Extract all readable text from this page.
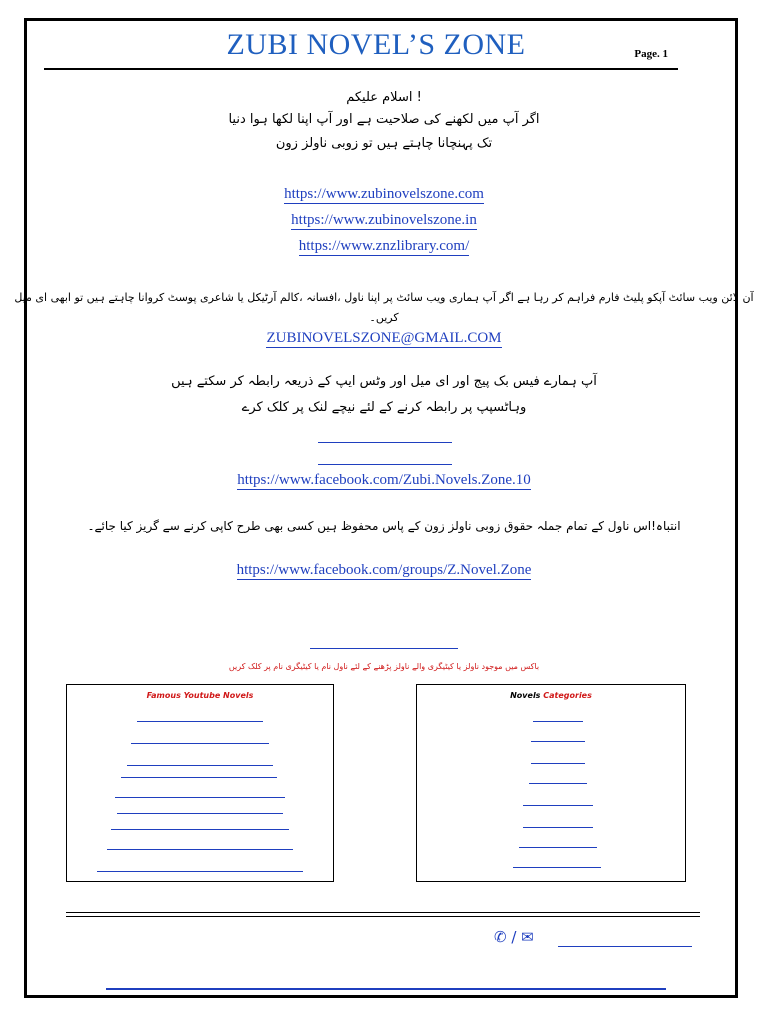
ZUBI NOVEL’S ZONE	Page. 1
! اسلام علیکم
اگر آپ میں لکھنے کی صلاحیت ہے اور آپ اپنا لکھا ہوا دنیا
تک پہنچانا چاہتے ہیں تو زوبی ناولز زون
https://www.zubinovelszone.com
https://www.zubinovelszone.in
https://www.znzlibrary.com/
آن لائن ویب سائٹ آپکو پلیٹ فارم فراہم کر رہا ہے اگر آپ ہماری ویب سائٹ پر اپنا ناول ،افسانہ ،کالم آرٹیکل یا شاعری پوسٹ کروانا چاہتے ہیں تو ابھی ای میل کریں۔
ZUBINOVELSZONE@GMAIL.COM
آپ ہمارے فیس بک پیج اور ای میل اور وٹس ایپ کے ذریعہ رابطہ کر سکتے ہیں
وہاٹسپپ پر رابطہ کرنے کے لئے نیچے لنک پر کلک کرے
https://www.facebook.com/Zubi.Novels.Zone.10
انتباہ!اس ناول کے تمام جملہ حقوق زوبی ناولز زون کے پاس محفوظ ہیں کسی بھی طرح کاپی کرنے سے گریز کیا جائے۔
https://www.facebook.com/groups/Z.Novel.Zone
باکس میں موجود ناولز یا کیٹیگری والے ناولز پڑھنے کے لئے ناول نام یا کیٹیگری نام پر کلک کریں
Famous Youtube Novels	Novels Categories
✆ / ✉
